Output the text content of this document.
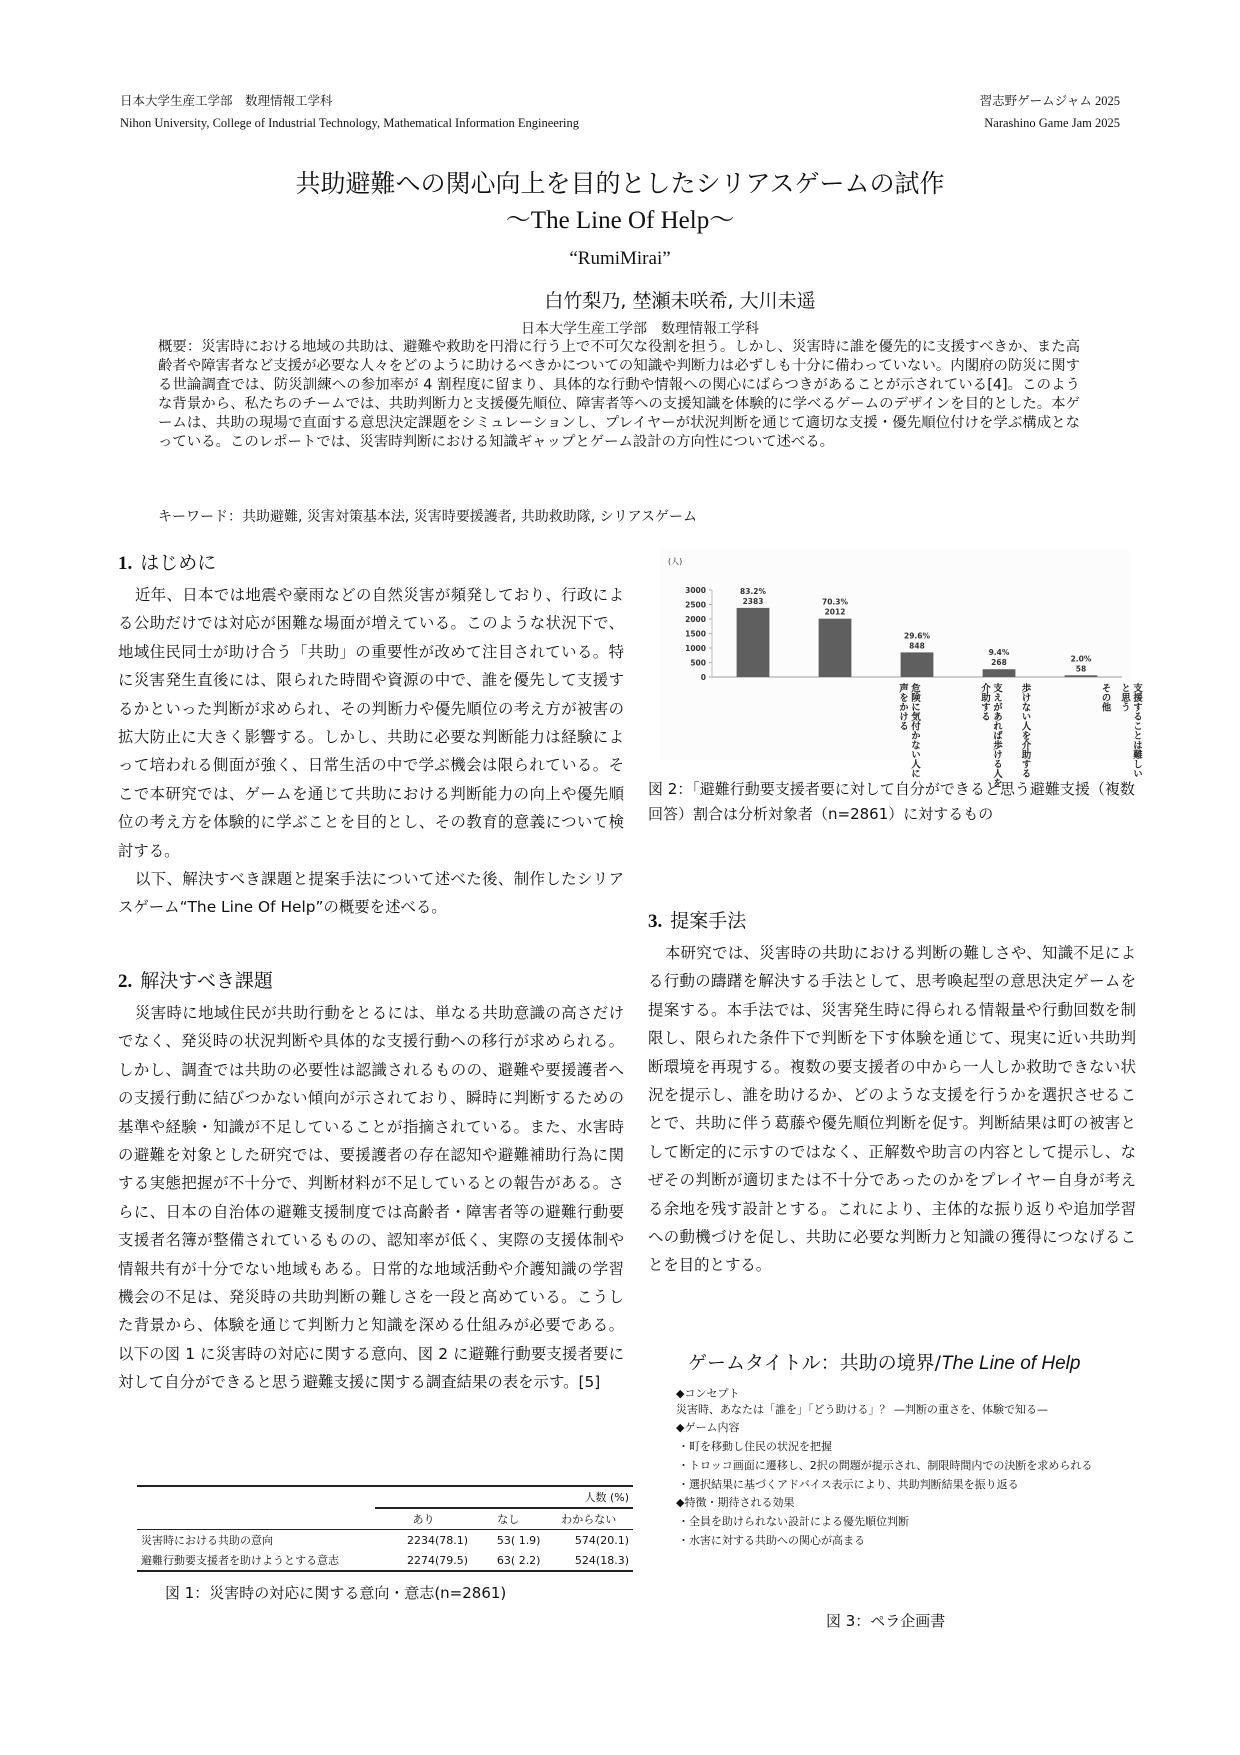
日本大学生産工学部　数理情報工学科
Nihon University, College of Industrial Technology, Mathematical Information Engineering
習志野ゲームジャム 2025
Narashino Game Jam 2025
共助避難への関心向上を目的としたシリアスゲームの試作
〜The Line Of Help〜
“RumiMirai”
白竹梨乃, 埜瀬未咲希, 大川未遥
日本大学生産工学部　数理情報工学科
概要：災害時における地域の共助は、避難や救助を円滑に行う上で不可欠な役割を担う。しかし、災害時に誰を優先的に支援すべきか、また高齢者や障害者など支援が必要な人々をどのように助けるべきかについての知識や判断力は必ずしも十分に備わっていない。内閣府の防災に関する世論調査では、防災訓練への参加率が 4 割程度に留まり、具体的な行動や情報への関心にばらつきがあることが示されている[4]。このような背景から、私たちのチームでは、共助判断力と支援優先順位、障害者等への支援知識を体験的に学べるゲームのデザインを目的とした。本ゲームは、共助の現場で直面する意思決定課題をシミュレーションし、プレイヤーが状況判断を通じて適切な支援・優先順位付けを学ぶ構成となっている。このレポートでは、災害時判断における知識ギャップとゲーム設計の方向性について述べる。
キーワード：共助避難, 災害対策基本法, 災害時要援護者, 共助救助隊, シリアスゲーム
1. はじめに

近年、日本では地震や豪雨などの自然災害が頻発しており、行政による公助だけでは対応が困難な場面が増えている。このような状況下で、地域住民同士が助け合う「共助」の重要性が改めて注目されている。特に災害発生直後には、限られた時間や資源の中で、誰を優先して支援するかといった判断が求められ、その判断力や優先順位の考え方が被害の拡大防止に大きく影響する。しかし、共助に必要な判断能力は経験によって培われる側面が強く、日常生活の中で学ぶ機会は限られている。そこで本研究では、ゲームを通じて共助における判断能力の向上や優先順位の考え方を体験的に学ぶことを目的とし、その教育的意義について検討する。

以下、解決すべき課題と提案手法について述べた後、制作したシリアスゲーム“The Line Of Help”の概要を述べる。

2. 解決すべき課題

災害時に地域住民が共助行動をとるには、単なる共助意識の高さだけでなく、発災時の状況判断や具体的な支援行動への移行が求められる。しかし、調査では共助の必要性は認識されるものの、避難や要援護者への支援行動に結びつかない傾向が示されており、瞬時に判断するための基準や経験・知識が不足していることが指摘されている。また、水害時の避難を対象とした研究では、要援護者の存在認知や避難補助行為に関する実態把握が不十分で、判断材料が不足しているとの報告がある。さらに、日本の自治体の避難支援制度では高齢者・障害者等の避難行動要支援者名簿が整備されているものの、認知率が低く、実際の支援体制や情報共有が十分でない地域もある。日常的な地域活動や介護知識の学習機会の不足は、発災時の共助判断の難しさを一段と高めている。こうした背景から、体験を通じて判断力と知識を深める仕組みが必要である。以下の図 1 に災害時の対応に関する意向、図 2 に避難行動要支援者要に対して自分ができると思う避難支援に関する調査結果の表を示す。[5]

	人数 (%)		
	あり	なし	わからない
災害時における共助の意向	2234(78.1)	53( 1.9)	574(20.1)
避難行動要支援者を助けようとする意志	2274(79.5)	63( 2.2)	524(18.3)
図 1：災害時の対応に関する意向・意志(n=2861)
(人)
0
500
1000
1500
2000
2500
3000	83.2%
2383	70.3%
2012
29.6%
848
9.4%
268	2.0%
58
危険に気付かない人に
声をかける	支えがあれば歩ける人を
介助する	歩けない人を介助する	支援することは難しい
と思う
その他
図 2：「避難行動要支援者要に対して自分ができると思う避難支援（複数回答）割合は分析対象者（n=2861）に対するもの
3. 提案手法

本研究では、災害時の共助における判断の難しさや、知識不足による行動の躊躇を解決する手法として、思考喚起型の意思決定ゲームを提案する。本手法では、災害発生時に得られる情報量や行動回数を制限し、限られた条件下で判断を下す体験を通じて、現実に近い共助判断環境を再現する。複数の要支援者の中から一人しか救助できない状況を提示し、誰を助けるか、どのような支援を行うかを選択させることで、共助に伴う葛藤や優先順位判断を促す。判断結果は町の被害として断定的に示すのではなく、正解数や助言の内容として提示し、なぜその判断が適切または不十分であったのかをプレイヤー自身が考える余地を残す設計とする。これにより、主体的な振り返りや追加学習への動機づけを促し、共助に必要な判断力と知識の獲得につなげることを目的とする。

ゲームタイトル：共助の境界/The Line of Help
◆コンセプト
災害時、あなたは「誰を」「どう助ける」？ —判断の重さを、体験で知る—
◆ゲーム内容
・町を移動し住民の状況を把握
・トロッコ画面に遷移し、2択の問題が提示され、制限時間内での決断を求められる
・選択結果に基づくアドバイス表示により、共助判断結果を振り返る
◆特徴・期待される効果
・全員を助けられない設計による優先順位判断
・水害に対する共助への関心が高まる
図 3：ペラ企画書
